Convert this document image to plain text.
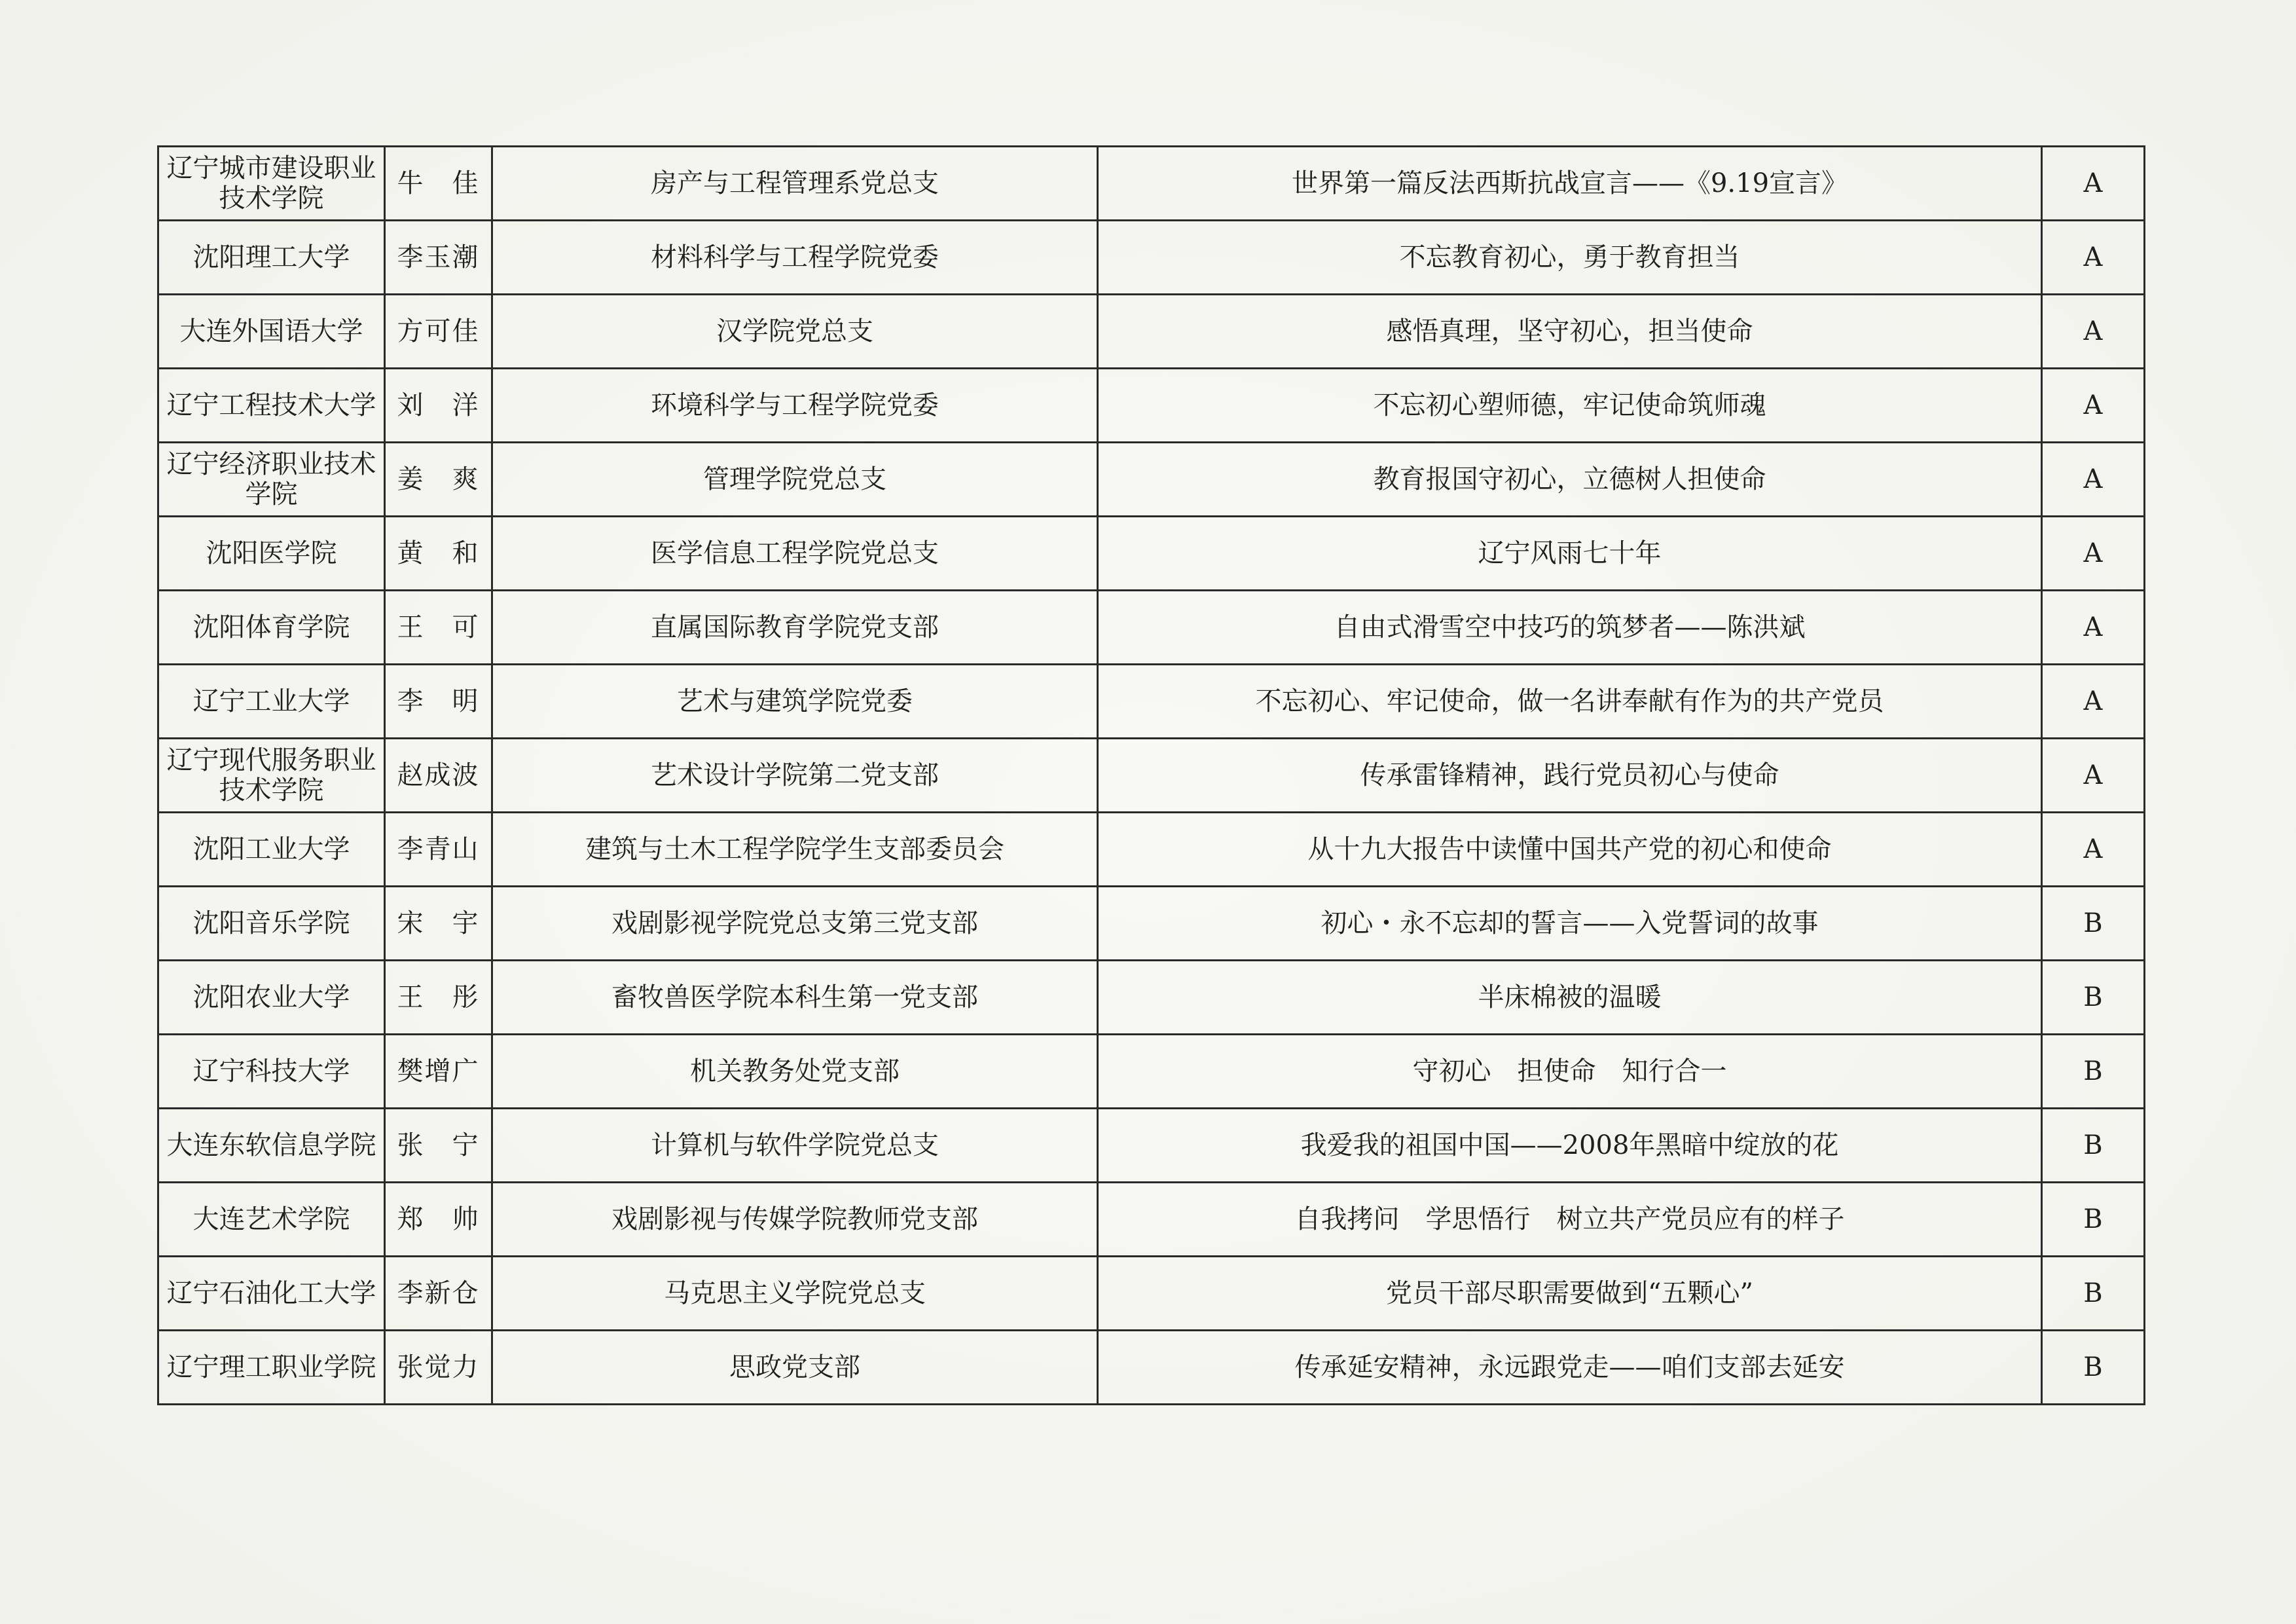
辽宁城市建设职业技术学院	牛　佳	房产与工程管理系党总支	世界第一篇反法西斯抗战宣言——《9.19宣言》	A
沈阳理工大学	李玉潮	材料科学与工程学院党委	不忘教育初心，勇于教育担当	A
大连外国语大学	方可佳	汉学院党总支	感悟真理，坚守初心，担当使命	A
辽宁工程技术大学	刘　洋	环境科学与工程学院党委	不忘初心塑师德，牢记使命筑师魂	A
辽宁经济职业技术学院	姜　爽	管理学院党总支	教育报国守初心，立德树人担使命	A
沈阳医学院	黄　和	医学信息工程学院党总支	辽宁风雨七十年	A
沈阳体育学院	王　可	直属国际教育学院党支部	自由式滑雪空中技巧的筑梦者——陈洪斌	A
辽宁工业大学	李　明	艺术与建筑学院党委	不忘初心、牢记使命，做一名讲奉献有作为的共产党员	A
辽宁现代服务职业技术学院	赵成波	艺术设计学院第二党支部	传承雷锋精神，践行党员初心与使命	A
沈阳工业大学	李青山	建筑与土木工程学院学生支部委员会	从十九大报告中读懂中国共产党的初心和使命	A
沈阳音乐学院	宋　宇	戏剧影视学院党总支第三党支部	初心・永不忘却的誓言——入党誓词的故事	B
沈阳农业大学	王　彤	畜牧兽医学院本科生第一党支部	半床棉被的温暖	B
辽宁科技大学	樊增广	机关教务处党支部	守初心　担使命　知行合一	B
大连东软信息学院	张　宁	计算机与软件学院党总支	我爱我的祖国中国——2008年黑暗中绽放的花	B
大连艺术学院	郑　帅	戏剧影视与传媒学院教师党支部	自我拷问　学思悟行　树立共产党员应有的样子	B
辽宁石油化工大学	李新仓	马克思主义学院党总支	党员干部尽职需要做到“五颗心”	B
辽宁理工职业学院	张觉力	思政党支部	传承延安精神，永远跟党走——咱们支部去延安	B
